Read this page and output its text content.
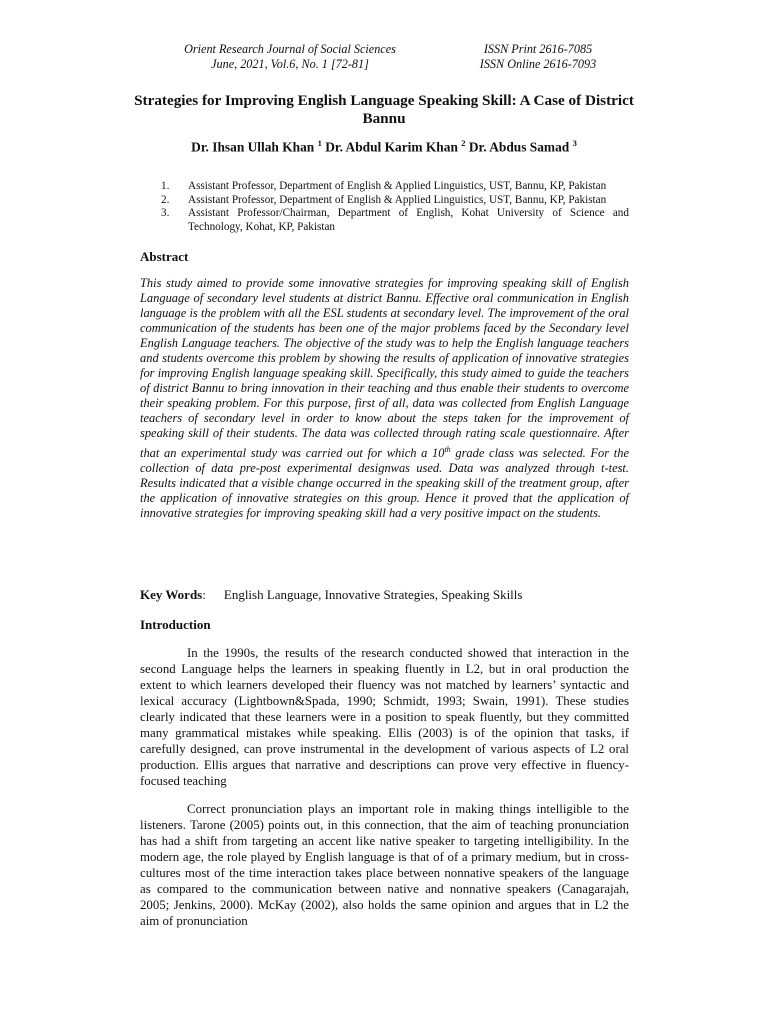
Orient Research Journal of Social Sciences
June, 2021, Vol.6, No. 1 [72-81]
ISSN Print 2616-7085
ISSN Online 2616-7093
Strategies for Improving English Language Speaking Skill: A Case of District Bannu

Dr. Ihsan Ullah Khan $^1$ Dr. Abdul Karim Khan $^2$ Dr. Abdus Samad $^3$

1.	Assistant Professor, Department of English & Applied Linguistics, UST, Bannu, KP, Pakistan
2.	Assistant Professor, Department of English & Applied Linguistics, UST, Bannu, KP, Pakistan
3.	Assistant Professor/Chairman, Department of English, Kohat University of Science and Technology, Kohat, KP, Pakistan
Abstract

This study aimed to provide some innovative strategies for improving speaking skill of English Language of secondary level students at district Bannu. Effective oral communication in English language is the problem with all the ESL students at secondary level. The improvement of the oral communication of the students has been one of the major problems faced by the Secondary level English Language teachers. The objective of the study was to help the English language teachers and students overcome this problem by showing the results of application of innovative strategies for improving English language speaking skill. Specifically, this study aimed to guide the teachers of district Bannu to bring innovation in their teaching and thus enable their students to overcome their speaking problem. For this purpose, first of all, data was collected from English Language teachers of secondary level in order to know about the steps taken for the improvement of speaking skill of their students. The data was collected through rating scale questionnaire. After that an experimental study was carried out for which a 10th grade class was selected. For the collection of data pre-post experimental designwas used. Data was analyzed through t-test. Results indicated that a visible change occurred in the speaking skill of the treatment group, after the application of innovative strategies on this group. Hence it proved that the application of innovative strategies for improving speaking skill had a very positive impact on the students.

Key Words: English Language, Innovative Strategies, Speaking Skills
Introduction

In the 1990s, the results of the research conducted showed that interaction in the second Language helps the learners in speaking fluently in L2, but in oral production the extent to which learners developed their fluency was not matched by learners’ syntactic and lexical accuracy (Lightbown&Spada, 1990; Schmidt, 1993; Swain, 1991). These studies clearly indicated that these learners were in a position to speak fluently, but they committed many grammatical mistakes while speaking. Ellis (2003) is of the opinion that tasks, if carefully designed, can prove instrumental in the development of various aspects of L2 oral production. Ellis argues that narrative and descriptions can prove very effective in fluency-focused teaching

Correct pronunciation plays an important role in making things intelligible to the listeners. Tarone (2005) points out, in this connection, that the aim of teaching pronunciation has had a shift from targeting an accent like native speaker to targeting intelligibility. In the modern age, the role played by English language is that of of a primary medium, but in cross-cultures most of the time interaction takes place between nonnative speakers of the language as compared to the communication between native and nonnative speakers (Canagarajah, 2005; Jenkins, 2000). McKay (2002), also holds the same opinion and argues that in L2 the aim of pronunciation
